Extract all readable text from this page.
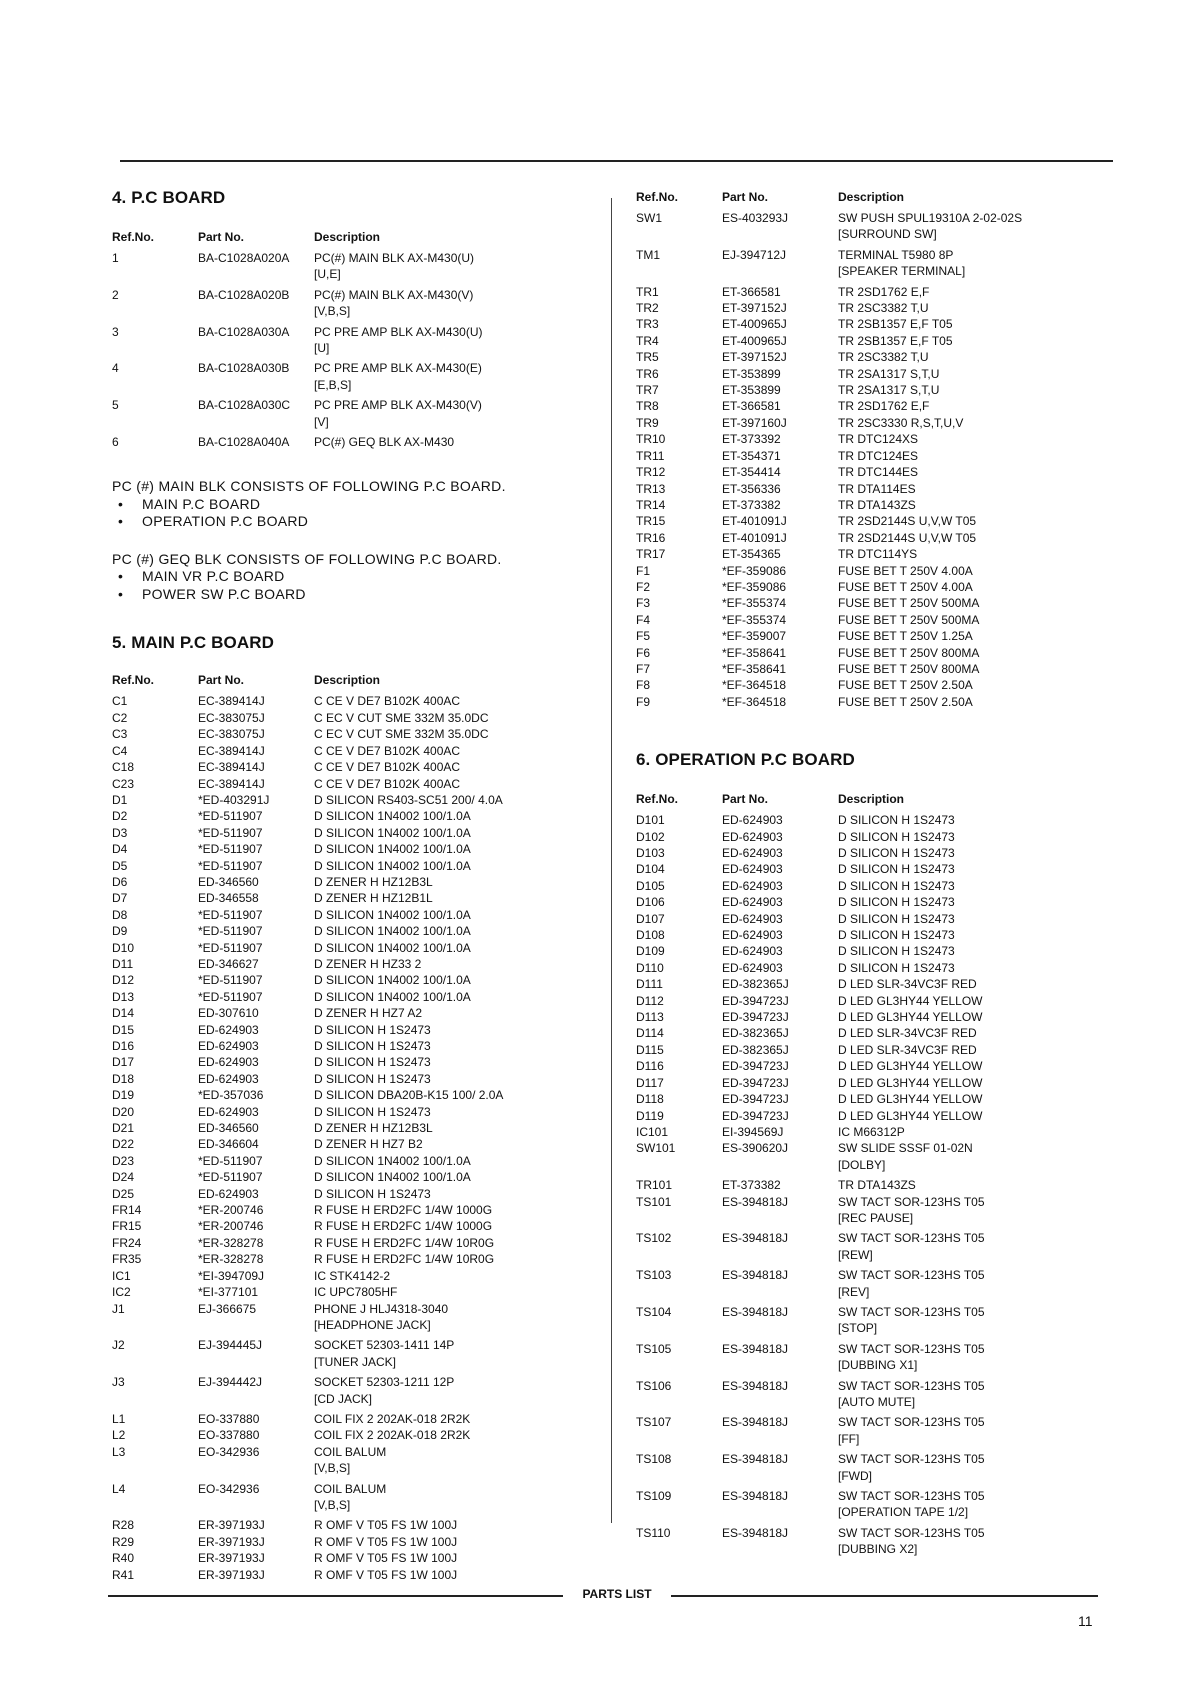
4. P.C BOARD
Ref.No.	Part No.	Description
1	BA-C1028A020A	PC(#) MAIN BLK AX-M430(U)
[U,E]
2	BA-C1028A020B	PC(#) MAIN BLK AX-M430(V)
[V,B,S]
3	BA-C1028A030A	PC PRE AMP BLK AX-M430(U)
[U]
4	BA-C1028A030B	PC PRE AMP BLK AX-M430(E)
[E,B,S]
5	BA-C1028A030C	PC PRE AMP BLK AX-M430(V)
[V]
6	BA-C1028A040A	PC(#) GEQ BLK AX-M430
PC (#) MAIN BLK CONSISTS OF FOLLOWING P.C BOARD.
• MAIN P.C BOARD
• OPERATION P.C BOARD
PC (#) GEQ BLK CONSISTS OF FOLLOWING P.C BOARD.
• MAIN VR P.C BOARD
• POWER SW P.C BOARD
5. MAIN P.C BOARD
Ref.No.	Part No.	Description
C1	EC-389414J	C CE V DE7 B102K 400AC
C2	EC-383075J	C EC V CUT SME 332M 35.0DC
C3	EC-383075J	C EC V CUT SME 332M 35.0DC
C4	EC-389414J	C CE V DE7 B102K 400AC
C18	EC-389414J	C CE V DE7 B102K 400AC
C23	EC-389414J	C CE V DE7 B102K 400AC
D1	*ED-403291J	D SILICON RS403-SC51 200/ 4.0A
D2	*ED-511907	D SILICON 1N4002 100/1.0A
D3	*ED-511907	D SILICON 1N4002 100/1.0A
D4	*ED-511907	D SILICON 1N4002 100/1.0A
D5	*ED-511907	D SILICON 1N4002 100/1.0A
D6	ED-346560	D ZENER H HZ12B3L
D7	ED-346558	D ZENER H HZ12B1L
D8	*ED-511907	D SILICON 1N4002 100/1.0A
D9	*ED-511907	D SILICON 1N4002 100/1.0A
D10	*ED-511907	D SILICON 1N4002 100/1.0A
D11	ED-346627	D ZENER H HZ33 2
D12	*ED-511907	D SILICON 1N4002 100/1.0A
D13	*ED-511907	D SILICON 1N4002 100/1.0A
D14	ED-307610	D ZENER H HZ7 A2
D15	ED-624903	D SILICON H 1S2473
D16	ED-624903	D SILICON H 1S2473
D17	ED-624903	D SILICON H 1S2473
D18	ED-624903	D SILICON H 1S2473
D19	*ED-357036	D SILICON DBA20B-K15 100/ 2.0A
D20	ED-624903	D SILICON H 1S2473
D21	ED-346560	D ZENER H HZ12B3L
D22	ED-346604	D ZENER H HZ7 B2
D23	*ED-511907	D SILICON 1N4002 100/1.0A
D24	*ED-511907	D SILICON 1N4002 100/1.0A
D25	ED-624903	D SILICON H 1S2473
FR14	*ER-200746	R FUSE H ERD2FC 1/4W 1000G
FR15	*ER-200746	R FUSE H ERD2FC 1/4W 1000G
FR24	*ER-328278	R FUSE H ERD2FC 1/4W 10R0G
FR35	*ER-328278	R FUSE H ERD2FC 1/4W 10R0G
IC1	*EI-394709J	IC STK4142-2
IC2	*EI-377101	IC UPC7805HF
J1	EJ-366675	PHONE J HLJ4318-3040
[HEADPHONE JACK]
J2	EJ-394445J	SOCKET 52303-1411 14P
[TUNER JACK]
J3	EJ-394442J	SOCKET 52303-1211 12P
[CD JACK]
L1	EO-337880	COIL FIX 2 202AK-018 2R2K
L2	EO-337880	COIL FIX 2 202AK-018 2R2K
L3	EO-342936	COIL BALUM
[V,B,S]
L4	EO-342936	COIL BALUM
[V,B,S]
R28	ER-397193J	R OMF V T05 FS 1W 100J
R29	ER-397193J	R OMF V T05 FS 1W 100J
R40	ER-397193J	R OMF V T05 FS 1W 100J
R41	ER-397193J	R OMF V T05 FS 1W 100J
Ref.No.	Part No.	Description
SW1	ES-403293J	SW PUSH SPUL19310A 2-02-02S
[SURROUND SW]
TM1	EJ-394712J	TERMINAL T5980 8P
[SPEAKER TERMINAL]
TR1	ET-366581	TR 2SD1762 E,F
TR2	ET-397152J	TR 2SC3382 T,U
TR3	ET-400965J	TR 2SB1357 E,F T05
TR4	ET-400965J	TR 2SB1357 E,F T05
TR5	ET-397152J	TR 2SC3382 T,U
TR6	ET-353899	TR 2SA1317 S,T,U
TR7	ET-353899	TR 2SA1317 S,T,U
TR8	ET-366581	TR 2SD1762 E,F
TR9	ET-397160J	TR 2SC3330 R,S,T,U,V
TR10	ET-373392	TR DTC124XS
TR11	ET-354371	TR DTC124ES
TR12	ET-354414	TR DTC144ES
TR13	ET-356336	TR DTA114ES
TR14	ET-373382	TR DTA143ZS
TR15	ET-401091J	TR 2SD2144S U,V,W T05
TR16	ET-401091J	TR 2SD2144S U,V,W T05
TR17	ET-354365	TR DTC114YS
F1	*EF-359086	FUSE BET T 250V 4.00A
F2	*EF-359086	FUSE BET T 250V 4.00A
F3	*EF-355374	FUSE BET T 250V 500MA
F4	*EF-355374	FUSE BET T 250V 500MA
F5	*EF-359007	FUSE BET T 250V 1.25A
F6	*EF-358641	FUSE BET T 250V 800MA
F7	*EF-358641	FUSE BET T 250V 800MA
F8	*EF-364518	FUSE BET T 250V 2.50A
F9	*EF-364518	FUSE BET T 250V 2.50A
6. OPERATION P.C BOARD
Ref.No.	Part No.	Description
D101	ED-624903	D SILICON H 1S2473
D102	ED-624903	D SILICON H 1S2473
D103	ED-624903	D SILICON H 1S2473
D104	ED-624903	D SILICON H 1S2473
D105	ED-624903	D SILICON H 1S2473
D106	ED-624903	D SILICON H 1S2473
D107	ED-624903	D SILICON H 1S2473
D108	ED-624903	D SILICON H 1S2473
D109	ED-624903	D SILICON H 1S2473
D110	ED-624903	D SILICON H 1S2473
D111	ED-382365J	D LED SLR-34VC3F RED
D112	ED-394723J	D LED GL3HY44 YELLOW
D113	ED-394723J	D LED GL3HY44 YELLOW
D114	ED-382365J	D LED SLR-34VC3F RED
D115	ED-382365J	D LED SLR-34VC3F RED
D116	ED-394723J	D LED GL3HY44 YELLOW
D117	ED-394723J	D LED GL3HY44 YELLOW
D118	ED-394723J	D LED GL3HY44 YELLOW
D119	ED-394723J	D LED GL3HY44 YELLOW
IC101	EI-394569J	IC M66312P
SW101	ES-390620J	SW SLIDE SSSF 01-02N
[DOLBY]
TR101	ET-373382	TR DTA143ZS
TS101	ES-394818J	SW TACT SOR-123HS T05
[REC PAUSE]
TS102	ES-394818J	SW TACT SOR-123HS T05
[REW]
TS103	ES-394818J	SW TACT SOR-123HS T05
[REV]
TS104	ES-394818J	SW TACT SOR-123HS T05
[STOP]
TS105	ES-394818J	SW TACT SOR-123HS T05
[DUBBING X1]
TS106	ES-394818J	SW TACT SOR-123HS T05
[AUTO MUTE]
TS107	ES-394818J	SW TACT SOR-123HS T05
[FF]
TS108	ES-394818J	SW TACT SOR-123HS T05
[FWD]
TS109	ES-394818J	SW TACT SOR-123HS T05
[OPERATION TAPE 1/2]
TS110	ES-394818J	SW TACT SOR-123HS T05
[DUBBING X2]
PARTS LIST
11
